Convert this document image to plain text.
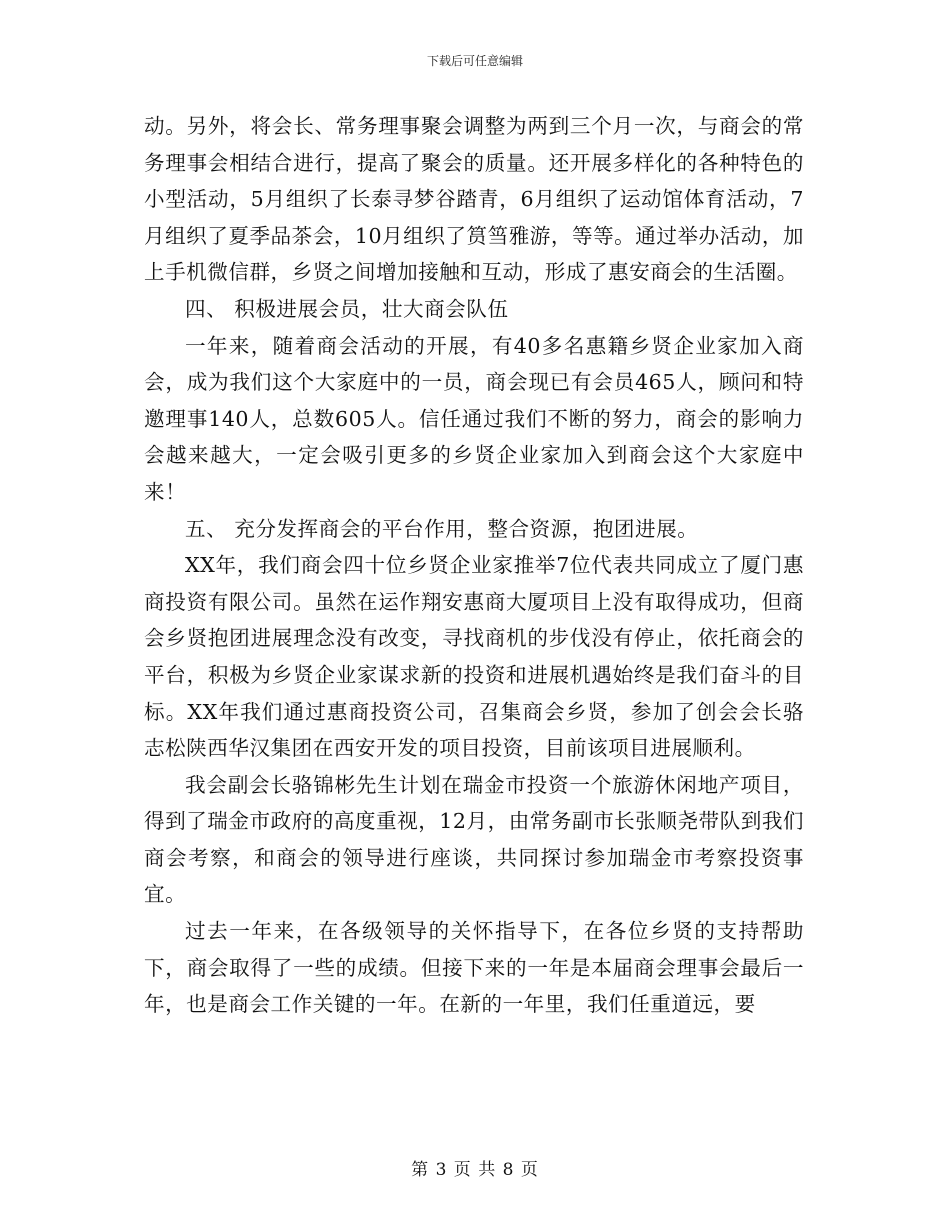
下载后可任意编辑

动。另外，将会长、常务理事聚会调整为两到三个月一次，与商会的常务理事会相结合进行，提高了聚会的质量。还开展多样化的各种特色的小型活动，5月组织了长泰寻梦谷踏青，6月组织了运动馆体育活动，7月组织了夏季品茶会，10月组织了筼筜雅游，等等。通过举办活动，加上手机微信群，乡贤之间增加接触和互动，形成了惠安商会的生活圈。

四、 积极进展会员，壮大商会队伍

一年来，随着商会活动的开展，有40多名惠籍乡贤企业家加入商会，成为我们这个大家庭中的一员，商会现已有会员465人，顾问和特邀理事140人，总数605人。信任通过我们不断的努力，商会的影响力会越来越大，一定会吸引更多的乡贤企业家加入到商会这个大家庭中来！

五、 充分发挥商会的平台作用，整合资源，抱团进展。

XX年，我们商会四十位乡贤企业家推举7位代表共同成立了厦门惠商投资有限公司。虽然在运作翔安惠商大厦项目上没有取得成功，但商会乡贤抱团进展理念没有改变，寻找商机的步伐没有停止，依托商会的平台，积极为乡贤企业家谋求新的投资和进展机遇始终是我们奋斗的目标。XX年我们通过惠商投资公司，召集商会乡贤，参加了创会会长骆志松陕西华汉集团在西安开发的项目投资，目前该项目进展顺利。

我会副会长骆锦彬先生计划在瑞金市投资一个旅游休闲地产项目，得到了瑞金市政府的高度重视，12月，由常务副市长张顺尧带队到我们商会考察，和商会的领导进行座谈，共同探讨参加瑞金市考察投资事宜。

过去一年来，在各级领导的关怀指导下，在各位乡贤的支持帮助下，商会取得了一些的成绩。但接下来的一年是本届商会理事会最后一年，也是商会工作关键的一年。在新的一年里，我们任重道远，要

第 3 页 共 8 页
